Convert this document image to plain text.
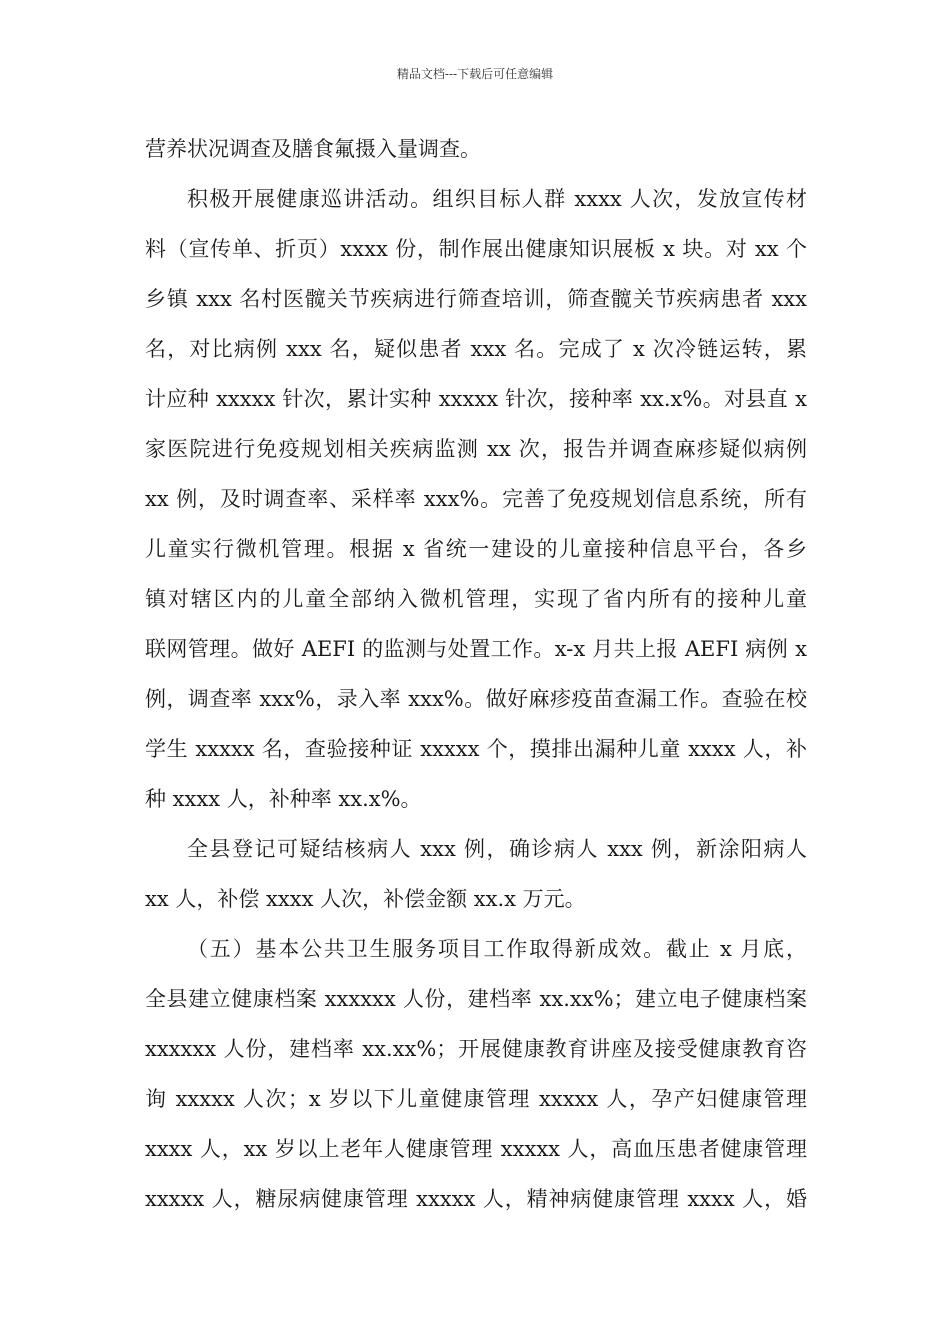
精品文档---下载后可任意编辑
营养状况调查及膳食氟摄入量调查。
积极开展健康巡讲活动。组织目标人群 xxxx 人次，发放宣传材
料（宣传单、折页）xxxx 份，制作展出健康知识展板 x 块。对 xx 个
乡镇 xxx 名村医髋关节疾病进行筛查培训，筛查髋关节疾病患者 xxx
名，对比病例 xxx 名，疑似患者 xxx 名。完成了 x 次冷链运转，累
计应种 xxxxx 针次，累计实种 xxxxx 针次，接种率 xx.x%。对县直 x
家医院进行免疫规划相关疾病监测 xx 次，报告并调查麻疹疑似病例
xx 例，及时调查率、采样率 xxx%。完善了免疫规划信息系统，所有
儿童实行微机管理。根据 x 省统一建设的儿童接种信息平台，各乡
镇对辖区内的儿童全部纳入微机管理，实现了省内所有的接种儿童
联网管理。做好 AEFI 的监测与处置工作。x-x 月共上报 AEFI 病例 x
例，调查率 xxx%，录入率 xxx%。做好麻疹疫苗查漏工作。查验在校
学生 xxxxx 名，查验接种证 xxxxx 个，摸排出漏种儿童 xxxx 人，补
种 xxxx 人，补种率 xx.x%。
全县登记可疑结核病人 xxx 例，确诊病人 xxx 例，新涂阳病人
xx 人，补偿 xxxx 人次，补偿金额 xx.x 万元。
（五）基本公共卫生服务项目工作取得新成效。截止 x 月底，
全县建立健康档案 xxxxxx 人份，建档率 xx.xx%；建立电子健康档案
xxxxxx 人份，建档率 xx.xx%；开展健康教育讲座及接受健康教育咨
询 xxxxx 人次；x 岁以下儿童健康管理 xxxxx 人，孕产妇健康管理
xxxx 人，xx 岁以上老年人健康管理 xxxxx 人，高血压患者健康管理
xxxxx 人，糖尿病健康管理 xxxxx 人，精神病健康管理 xxxx 人，婚
